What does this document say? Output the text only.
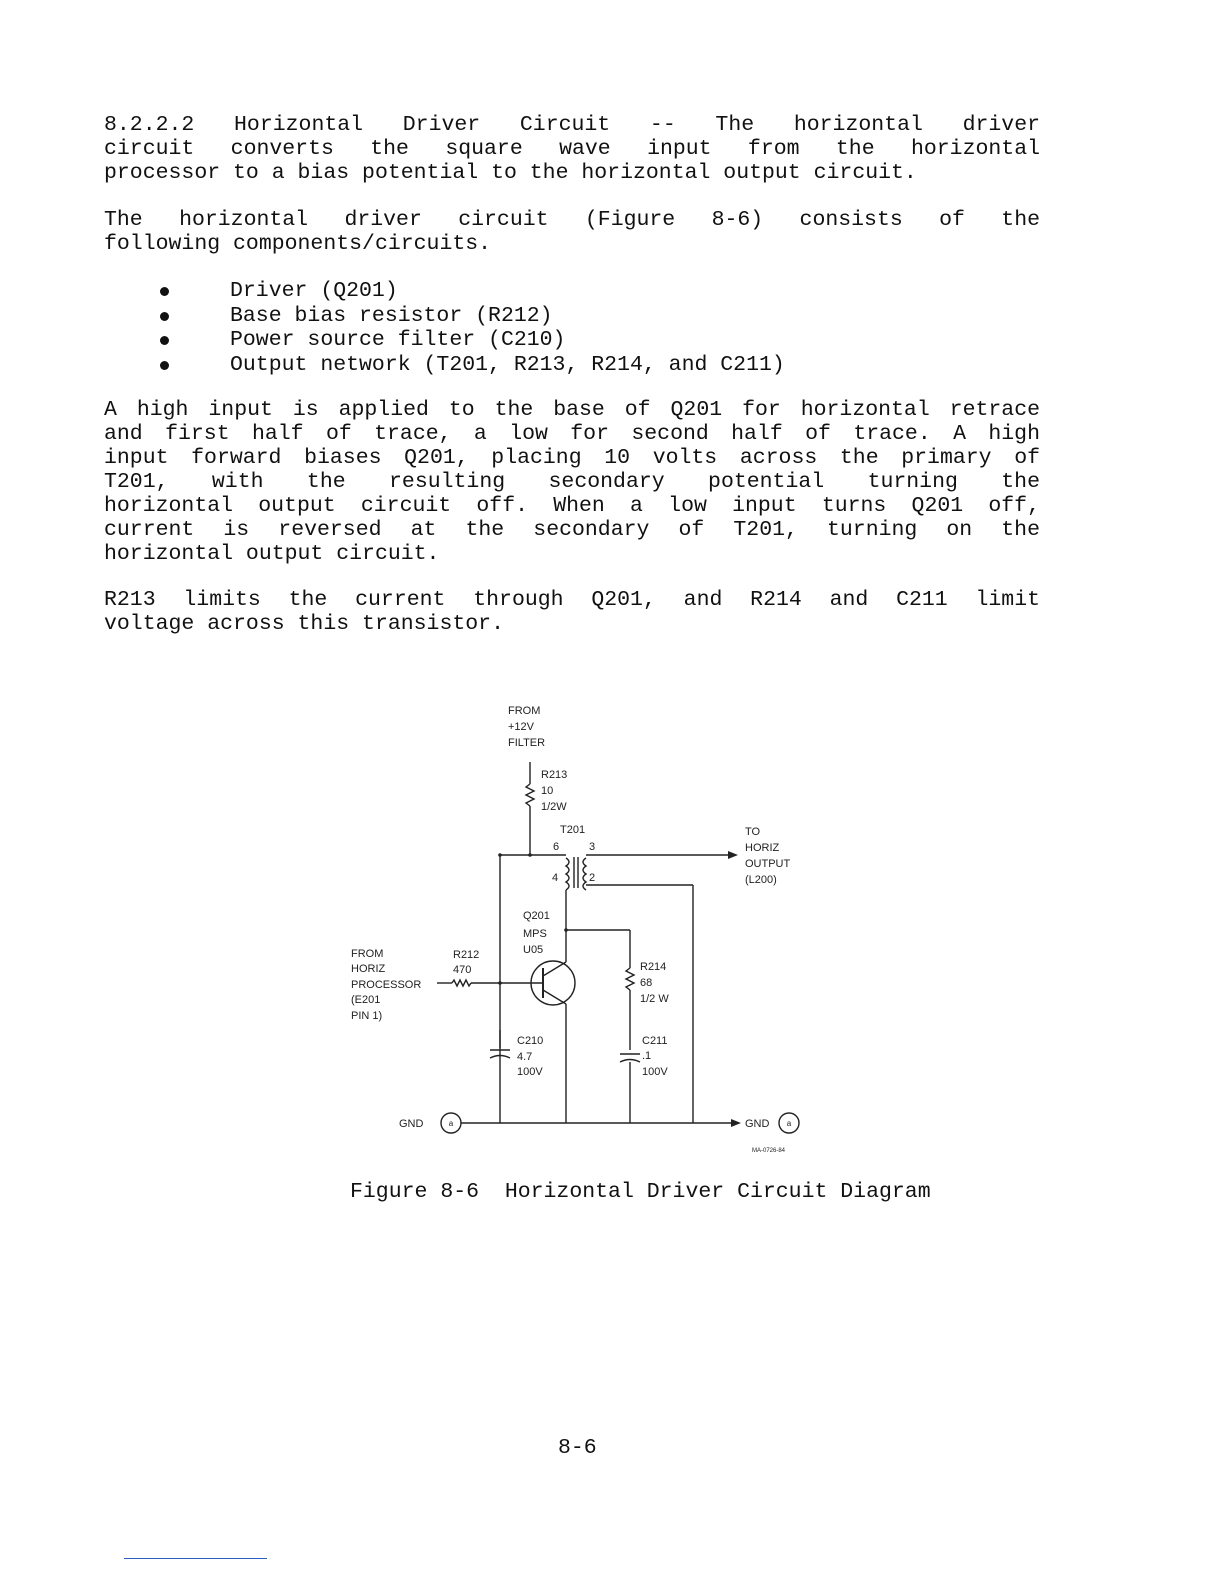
8.2.2.2 Horizontal Driver Circuit -- The horizontal driver
circuit converts the square wave input from the horizontal
processor to a bias potential to the horizontal output circuit.
The horizontal driver circuit (Figure 8-6) consists of the
following components/circuits.
Driver (Q201)
Base bias resistor (R212)
Power source filter (C210)
Output network (T201, R213, R214, and C211)
A high input is applied to the base of Q201 for horizontal retrace
and first half of trace, a low for second half of trace. A high
input forward biases Q201, placing 10 volts across the primary of
T201, with the resulting secondary potential turning the
horizontal output circuit off. When a low input turns Q201 off,
current is reversed at the secondary of T201, turning on the
horizontal output circuit.
R213 limits the current through Q201, and R214 and C211 limit
voltage across this transistor.
FROM
+12V
FILTER
R213
10
1/2W
T201
6	3
4	2
TO
HORIZ
OUTPUT
(L200)
Q201
MPS
U05
FROM
HORIZ
PROCESSOR
(E201
PIN 1)
R212
470	R214
68
1/2 W
C210
4.7
100V
C211
.1
100V
GND	GND
a	a
MA-0726-84
Figure 8-6  Horizontal Driver Circuit Diagram
8-6
